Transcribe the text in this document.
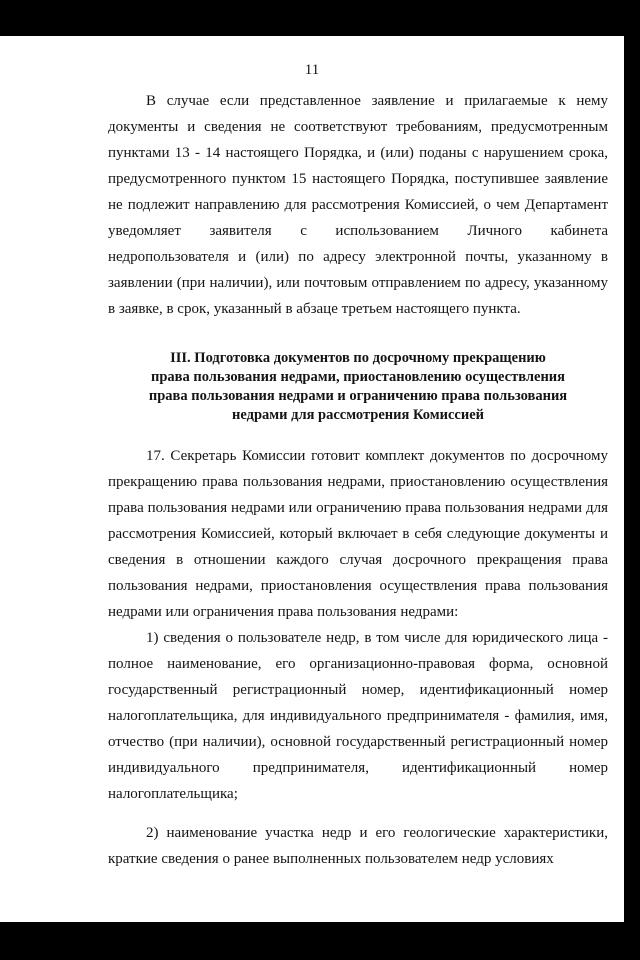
11

В случае если представленное заявление и прилагаемые к нему документы и сведения не соответствуют требованиям, предусмотренным пунктами 13 - 14 настоящего Порядка, и (или) поданы с нарушением срока, предусмотренного пунктом 15 настоящего Порядка, поступившее заявление не подлежит направлению для рассмотрения Комиссией, о чем Департамент уведомляет заявителя с использованием Личного кабинета недропользователя и (или) по адресу электронной почты, указанному в заявлении (при наличии), или почтовым отправлением по адресу, указанному в заявке, в срок, указанный в абзаце третьем настоящего пункта.

III. Подготовка документов по досрочному прекращению
права пользования недрами, приостановлению осуществления
права пользования недрами и ограничению права пользования
недрами для рассмотрения Комиссией

17. Секретарь Комиссии готовит комплект документов по досрочному прекращению права пользования недрами, приостановлению осуществления права пользования недрами или ограничению права пользования недрами для рассмотрения Комиссией, который включает в себя следующие документы и сведения в отношении каждого случая досрочного прекращения права пользования недрами, приостановления осуществления права пользования недрами или ограничения права пользования недрами:

1) сведения о пользователе недр, в том числе для юридического лица - полное наименование, его организационно-правовая форма, основной государственный регистрационный номер, идентификационный номер налогоплательщика, для индивидуального предпринимателя - фамилия, имя, отчество (при наличии), основной государственный регистрационный номер индивидуального предпринимателя, идентификационный номер налогоплательщика;

2) наименование участка недр и его геологические характеристики, краткие сведения о ранее выполненных пользователем недр условиях
